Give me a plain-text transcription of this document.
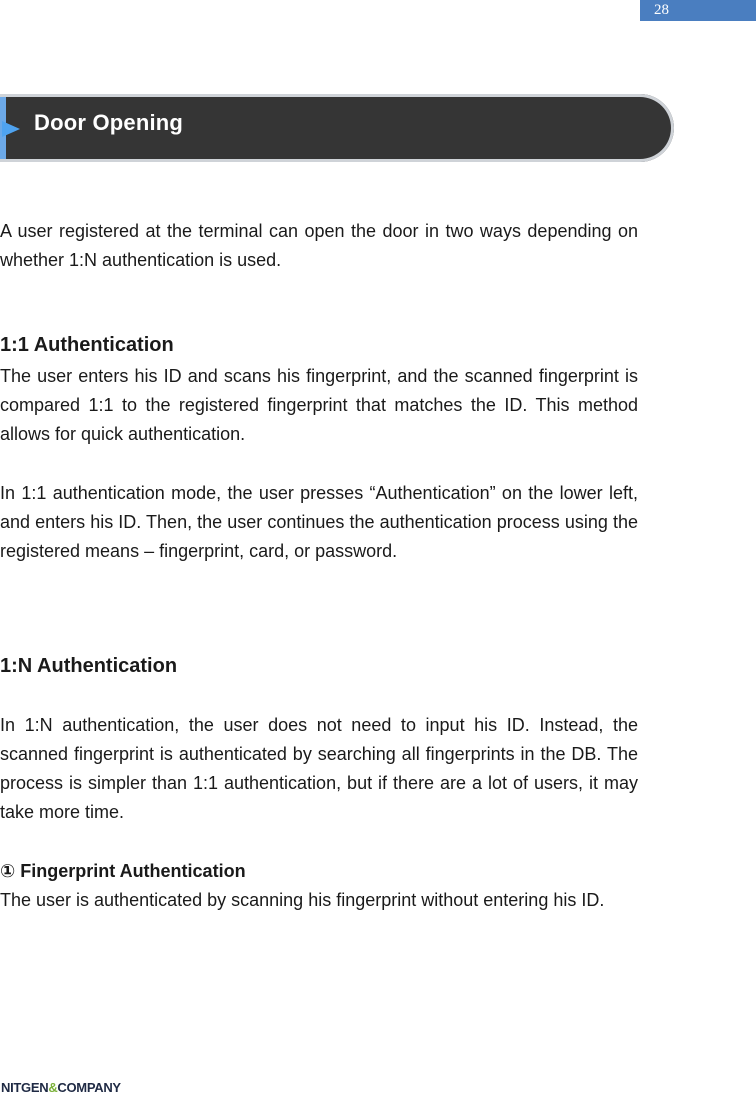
28
Door Opening

A user registered at the terminal can open the door in two ways depending on whether 1:N authentication is used.

1:1 Authentication

The user enters his ID and scans his fingerprint, and the scanned fingerprint is compared 1:1 to the registered fingerprint that matches the ID. This method allows for quick authentication.

In 1:1 authentication mode, the user presses “Authentication” on the lower left, and enters his ID. Then, the user continues the authentication process using the registered means – fingerprint, card, or password.

1:N Authentication

In 1:N authentication, the user does not need to input his ID. Instead, the scanned fingerprint is authenticated by searching all fingerprints in the DB. The process is simpler than 1:1 authentication, but if there are a lot of users, it may take more time.

① Fingerprint Authentication

The user is authenticated by scanning his fingerprint without entering his ID.

NITGEN&COMPANY
